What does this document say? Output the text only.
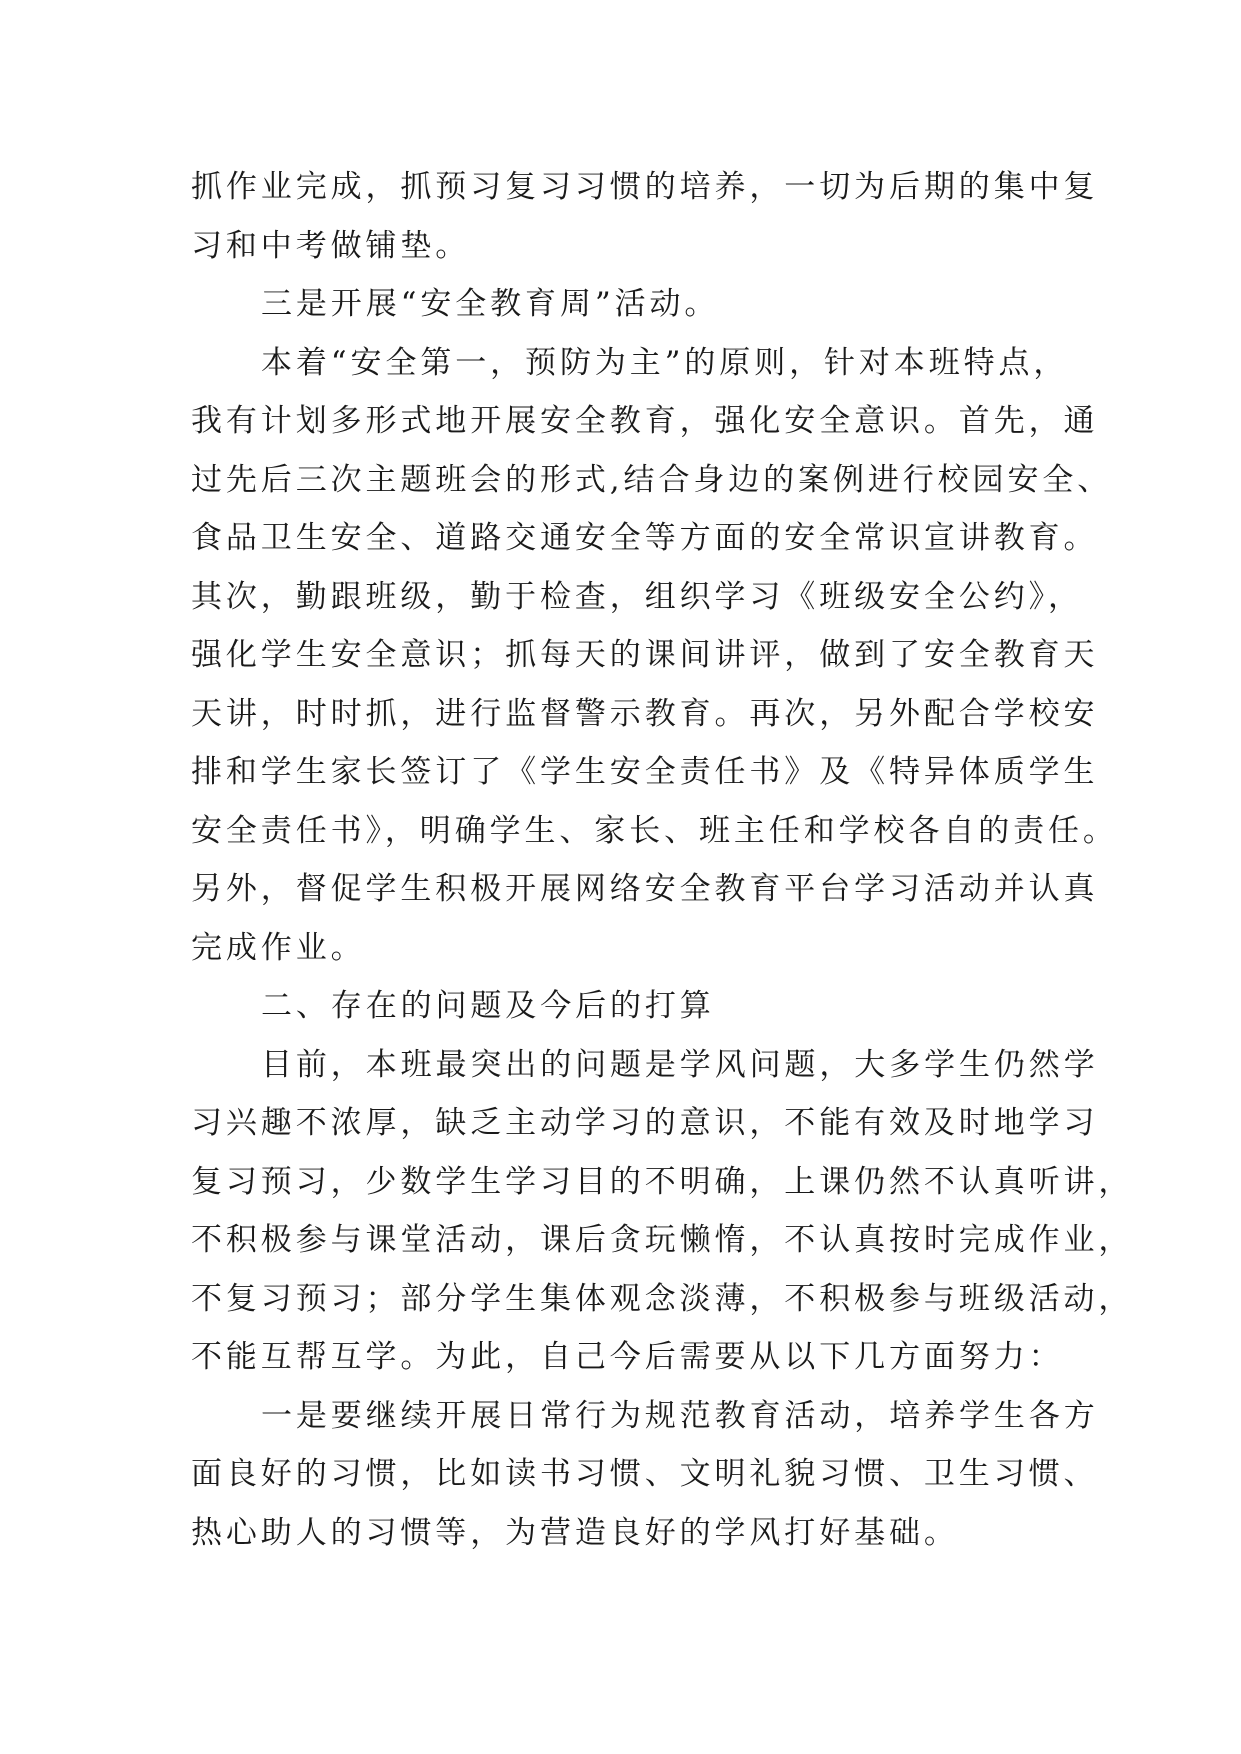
抓作业完成，抓预习复习习惯的培养，一切为后期的集中复
习和中考做铺垫。
三是开展“安全教育周”活动。
本着“安全第一，预防为主”的原则，针对本班特点，
我有计划多形式地开展安全教育，强化安全意识。首先，通
过先后三次主题班会的形式,结合身边的案例进行校园安全、
食品卫生安全、道路交通安全等方面的安全常识宣讲教育。
其次，勤跟班级，勤于检查，组织学习《班级安全公约》，
强化学生安全意识；抓每天的课间讲评，做到了安全教育天
天讲，时时抓，进行监督警示教育。再次，另外配合学校安
排和学生家长签订了《学生安全责任书》及《特异体质学生
安全责任书》，明确学生、家长、班主任和学校各自的责任。
另外，督促学生积极开展网络安全教育平台学习活动并认真
完成作业。
二、存在的问题及今后的打算
目前，本班最突出的问题是学风问题，大多学生仍然学
习兴趣不浓厚，缺乏主动学习的意识，不能有效及时地学习
复习预习，少数学生学习目的不明确，上课仍然不认真听讲，
不积极参与课堂活动，课后贪玩懒惰，不认真按时完成作业，
不复习预习；部分学生集体观念淡薄，不积极参与班级活动，
不能互帮互学。为此，自己今后需要从以下几方面努力：
一是要继续开展日常行为规范教育活动，培养学生各方
面良好的习惯，比如读书习惯、文明礼貌习惯、卫生习惯、
热心助人的习惯等，为营造良好的学风打好基础。
